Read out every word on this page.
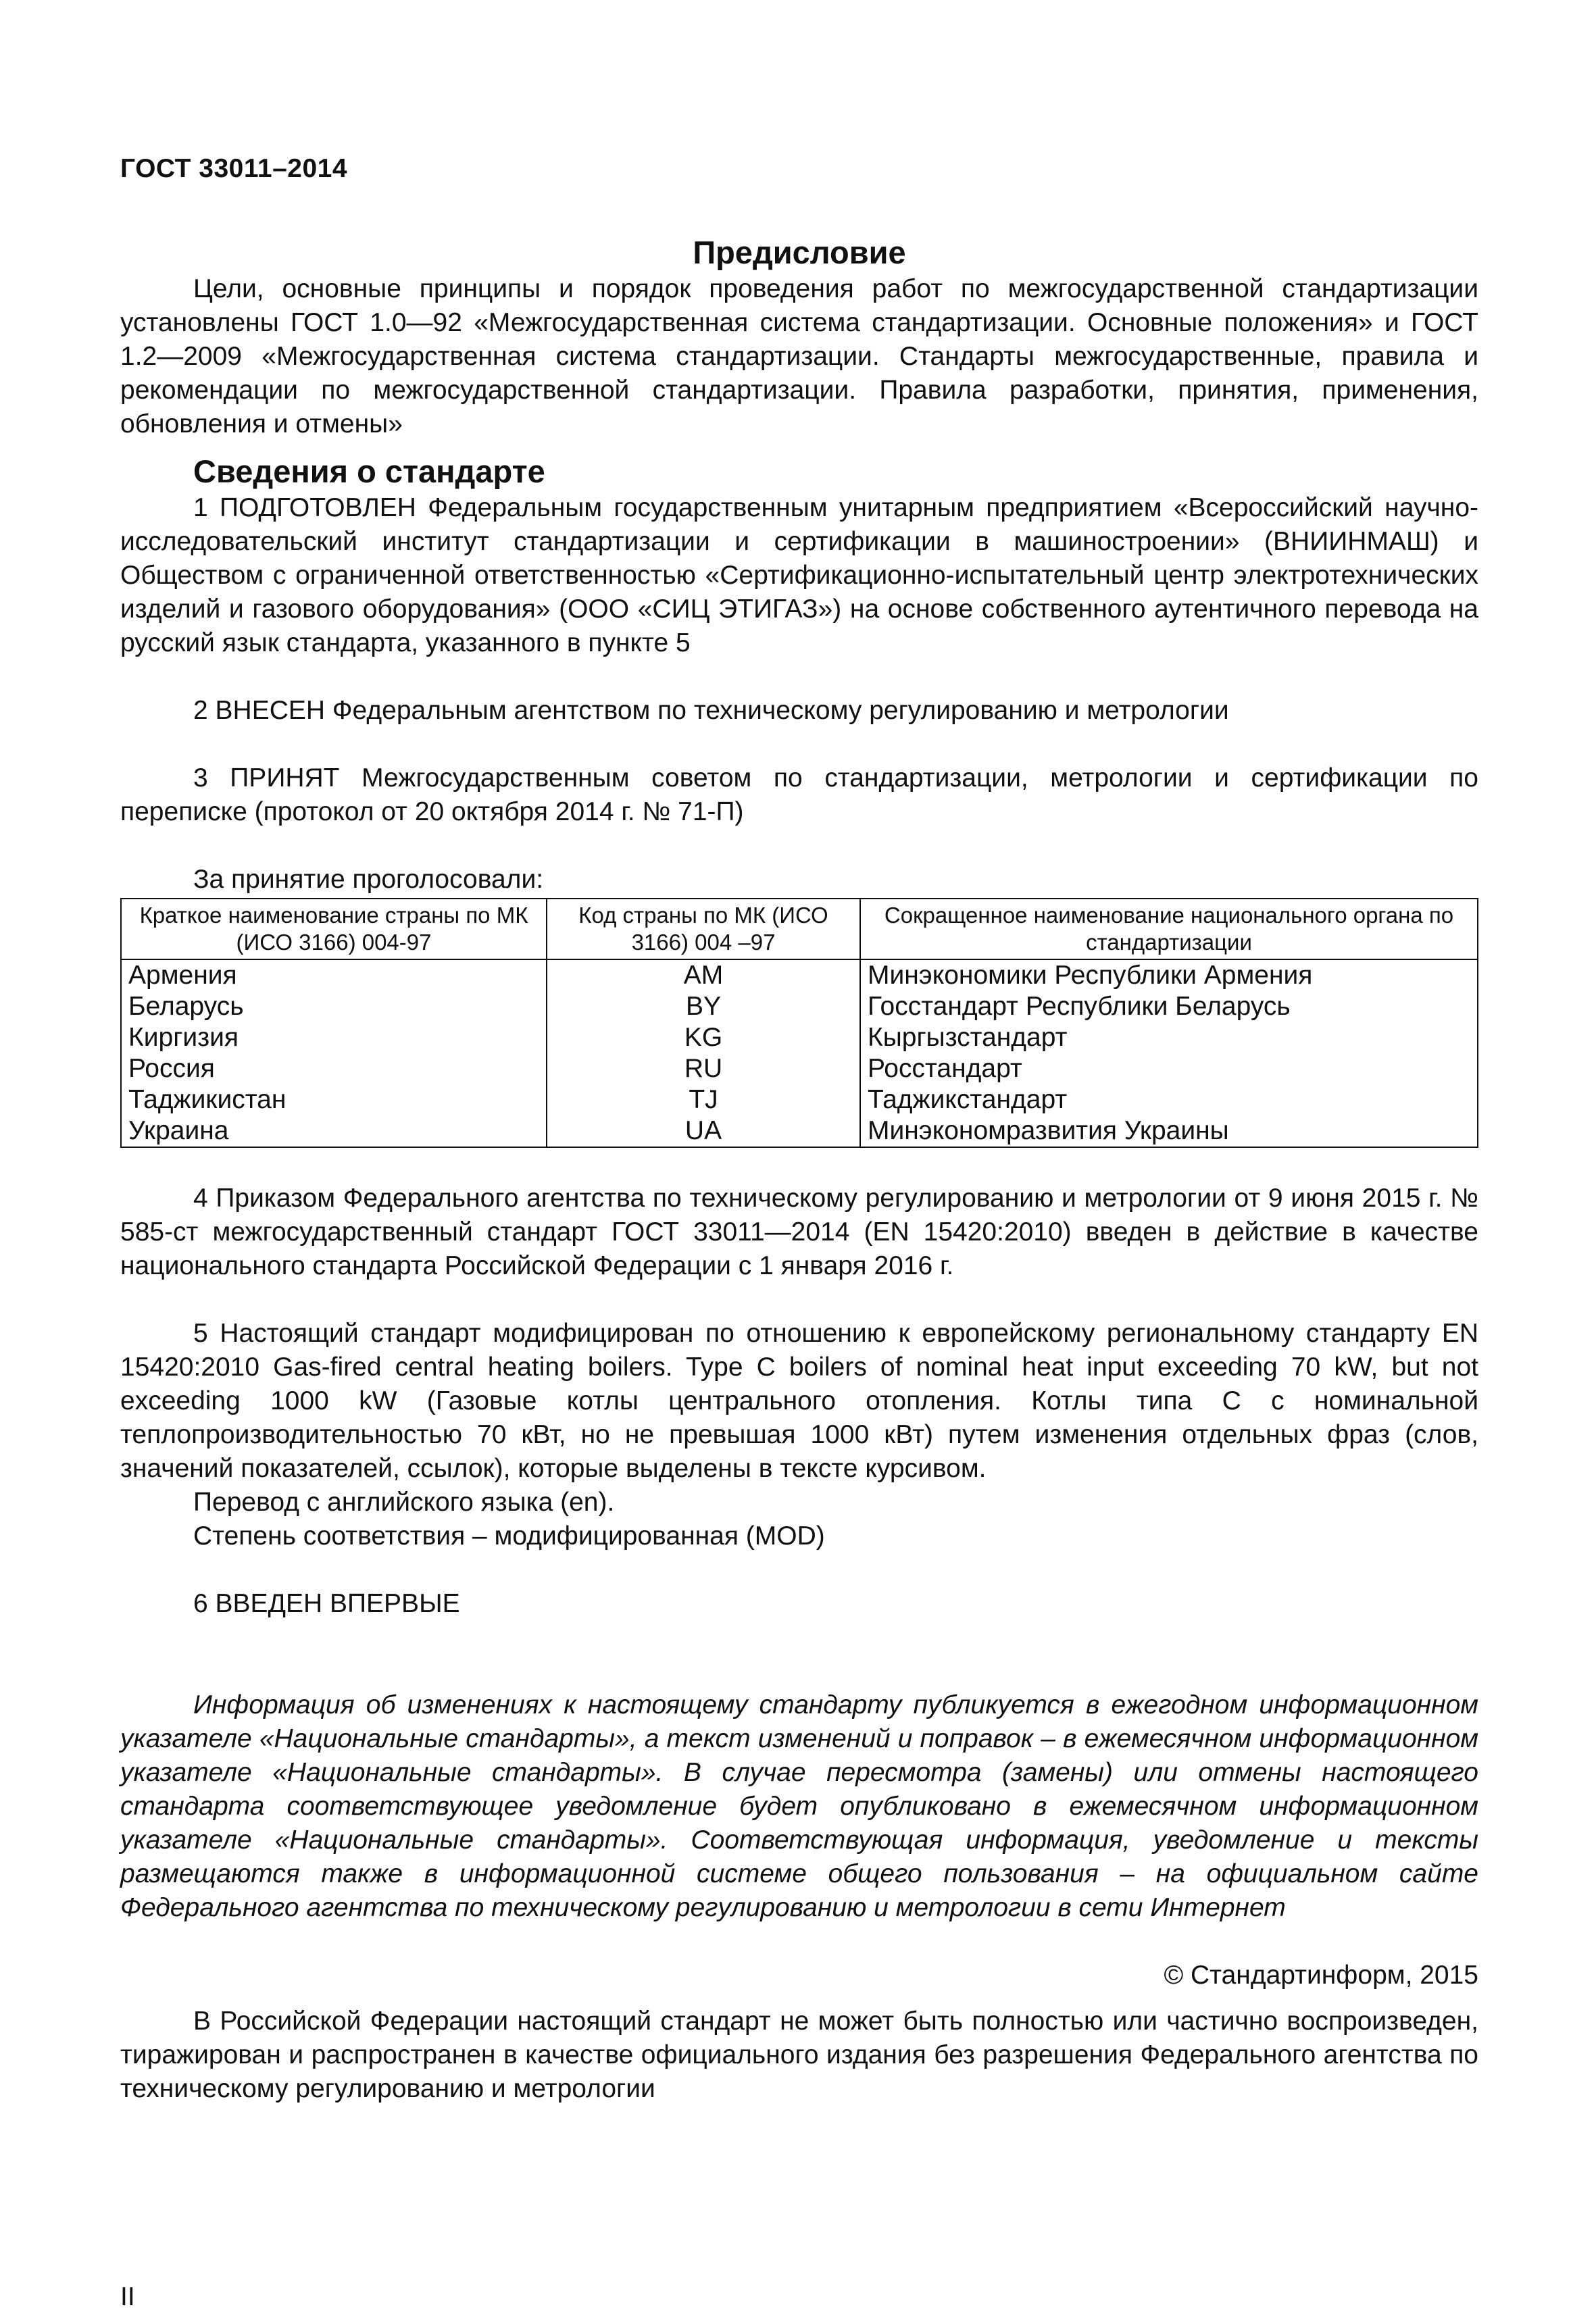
ГОСТ 33011–2014
Предисловие

Цели, основные принципы и порядок проведения работ по межгосударственной стандартизации установлены ГОСТ 1.0—92 «Межгосударственная система стандартизации. Основные положения» и ГОСТ 1.2—2009 «Межгосударственная система стандартизации. Стандарты межгосударственные, правила и рекомендации по межгосударственной стандартизации. Правила разработки, принятия, применения, обновления и отмены»

Сведения о стандарте

1 ПОДГОТОВЛЕН Федеральным государственным унитарным предприятием «Всероссийский научно-исследовательский институт стандартизации и сертификации в машиностроении» (ВНИИНМАШ) и Обществом с ограниченной ответственностью «Сертификационно-испытательный центр электротехнических изделий и газового оборудования» (ООО «СИЦ ЭТИГАЗ») на основе собственного аутентичного перевода на русский язык стандарта, указанного в пункте 5

2 ВНЕСЕН Федеральным агентством по техническому регулированию и метрологии

3 ПРИНЯТ Межгосударственным советом по стандартизации, метрологии и сертификации по переписке (протокол от 20 октября 2014 г. № 71-П)

За принятие проголосовали:

Краткое наименование страны по МК (ИСО 3166) 004-97	Код страны по МК (ИСО 3166) 004 –97	Сокращенное наименование национального органа по стандартизации
Армения	AM	Минэкономики Республики Армения
Беларусь	BY	Госстандарт Республики Беларусь
Киргизия	KG	Кыргызстандарт
Россия	RU	Росстандарт
Таджикистан	TJ	Таджикстандарт
Украина	UA	Минэкономразвития Украины

4 Приказом Федерального агентства по техническому регулированию и метрологии от 9 июня 2015 г. № 585-ст межгосударственный стандарт ГОСТ 33011—2014 (EN 15420:2010) введен в действие в качестве национального стандарта Российской Федерации с 1 января 2016 г.

5 Настоящий стандарт модифицирован по отношению к европейскому региональному стандарту EN 15420:2010 Gas-fired central heating boilers. Type C boilers of nominal heat input exceeding 70 kW, but not exceeding 1000 kW (Газовые котлы центрального отопления. Котлы типа C с номинальной теплопроизводительностью 70 кВт, но не превышая 1000 кВт) путем изменения отдельных фраз (слов, значений показателей, ссылок), которые выделены в тексте курсивом.

Перевод с английского языка (en).

Степень соответствия – модифицированная (MOD)

6 ВВЕДЕН ВПЕРВЫЕ

Информация об изменениях к настоящему стандарту публикуется в ежегодном информационном указателе «Национальные стандарты», а текст изменений и поправок – в ежемесячном информационном указателе «Национальные стандарты». В случае пересмотра (замены) или отмены настоящего стандарта соответствующее уведомление будет опубликовано в ежемесячном информационном указателе «Национальные стандарты». Соответствующая информация, уведомление и тексты размещаются также в информационной системе общего пользования – на официальном сайте Федерального агентства по техническому регулированию и метрологии в сети Интернет

© Стандартинформ, 2015

В Российской Федерации настоящий стандарт не может быть полностью или частично воспроизведен, тиражирован и распространен в качестве официального издания без разрешения Федерального агентства по техническому регулированию и метрологии

II
